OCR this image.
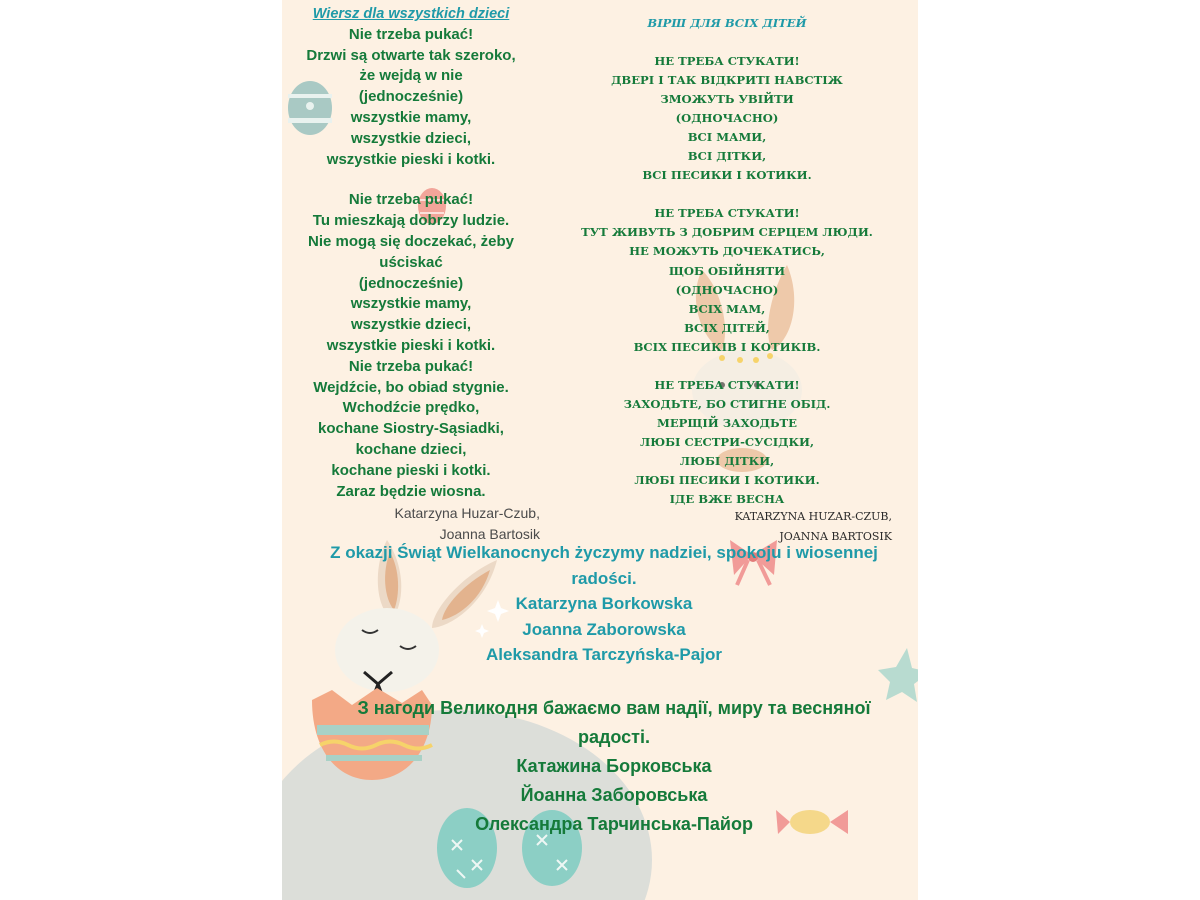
Wiersz dla wszystkich dzieci
Nie trzeba pukać!
Drzwi są otwarte tak szeroko,
że wejdą w nie
(jednocześnie)
wszystkie mamy,
wszystkie dzieci,
wszystkie pieski i kotki.
Nie trzeba pukać!
Tu mieszkają dobrzy ludzie.
Nie mogą się doczekać, żeby
uściskać
(jednocześnie)
wszystkie mamy,
wszystkie dzieci,
wszystkie pieski i kotki.
Nie trzeba pukać!
Wejdźcie, bo obiad stygnie.
Wchodźcie prędko,
kochane Siostry-Sąsiadki,
kochane dzieci,
kochane pieski i kotki.
Zaraz będzie wiosna.
Katarzyna Huzar-Czub,
Joanna Bartosik
ВІРШ ДЛЯ ВСІХ ДІТЕЙ
НЕ ТРЕБА СТУКАТИ!
ДВЕРІ І ТАК ВІДКРИТІ НАВСТІЖ
ЗМОЖУТЬ УВІЙТИ
(ОДНОЧАСНО)
ВСІ МАМИ,
ВСІ ДІТКИ,
ВСІ ПЕСИКИ І КОТИКИ.
НЕ ТРЕБА СТУКАТИ!
ТУТ ЖИВУТЬ З ДОБРИМ СЕРЦЕМ ЛЮДИ.
НЕ МОЖУТЬ ДОЧЕКАТИСЬ,
ЩОБ ОБІЙНЯТИ
(ОДНОЧАСНО)
ВСІХ МАМ,
ВСІХ ДІТЕЙ,
ВСІХ ПЕСИКІВ І КОТИКІВ.
НЕ ТРЕБА СТУКАТИ!
ЗАХОДЬТЕ, БО СТИГНЕ ОБІД.
МЕРЩІЙ ЗАХОДЬТЕ
ЛЮБІ СЕСТРИ-СУСІДКИ,
ЛЮБІ ДІТКИ,
ЛЮБІ ПЕСИКИ І КОТИКИ.
ІДЕ ВЖЕ ВЕСНА
KATARZYNA HUZAR-CZUB,
JOANNA BARTOSIK
Z okazji Świąt Wielkanocnych życzymy nadziei, spokoju i wiosennej
radości.
Katarzyna Borkowska
Joanna Zaborowska
Aleksandra Tarczyńska-Pajor
З нагоди Великодня бажаємо вам надії, миру та весняної
радості.
Катажина Борковська
Йоанна Заборовська
Олександра Тарчинська-Пайор
